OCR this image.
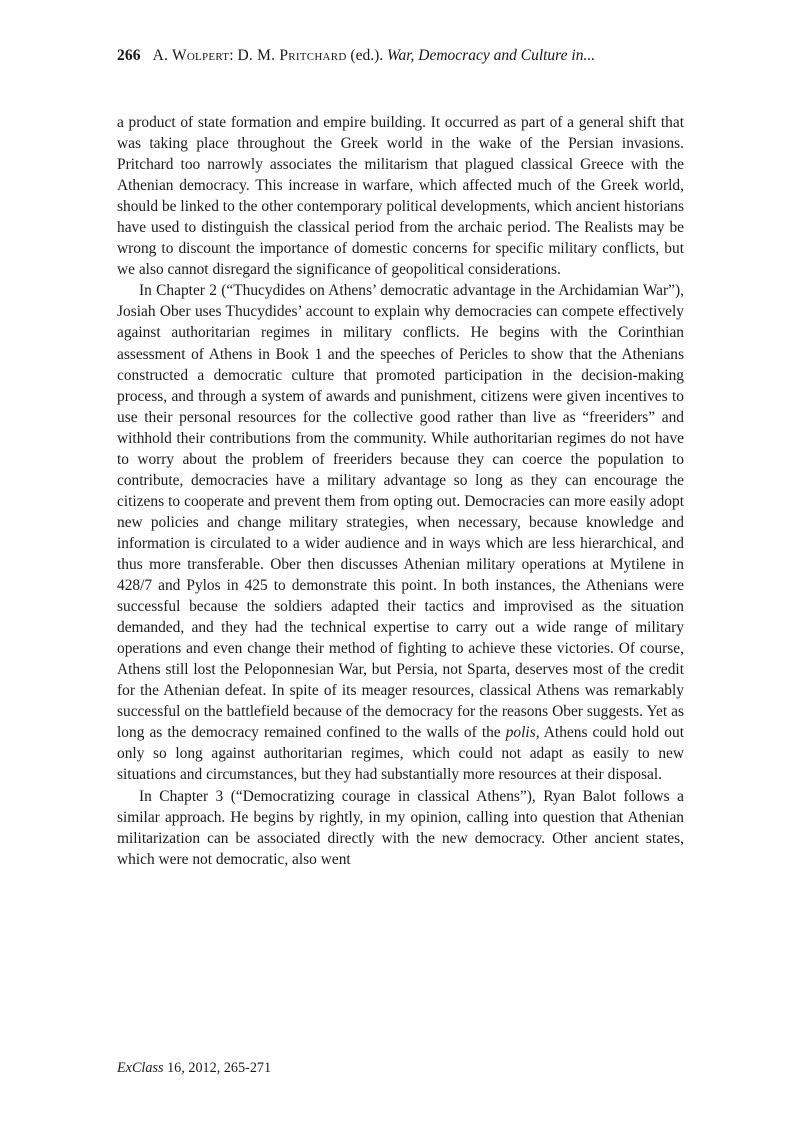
266 A. Wolpert: D. M. Pritchard (ed.). War, Democracy and Culture in...

a product of state formation and empire building. It occurred as part of a general shift that was taking place throughout the Greek world in the wake of the Persian invasions. Pritchard too narrowly associates the militarism that plagued classical Greece with the Athenian democracy. This increase in warfare, which affected much of the Greek world, should be linked to the other contemporary political developments, which ancient historians have used to distinguish the classical period from the archaic period. The Realists may be wrong to discount the importance of domestic concerns for specific military conflicts, but we also cannot disregard the significance of geopolitical considerations.

In Chapter 2 (“Thucydides on Athens’ democratic advantage in the Archidamian War”), Josiah Ober uses Thucydides’ account to explain why democracies can compete effectively against authoritarian regimes in military conflicts. He begins with the Corinthian assessment of Athens in Book 1 and the speeches of Pericles to show that the Athenians constructed a democratic culture that promoted participation in the decision-making process, and through a system of awards and punishment, citizens were given incentives to use their personal resources for the collective good rather than live as “freeriders” and withhold their contributions from the community. While authoritarian regimes do not have to worry about the problem of freeriders because they can coerce the population to contribute, democracies have a military advantage so long as they can encourage the citizens to cooperate and prevent them from opting out. Democracies can more easily adopt new policies and change military strategies, when necessary, because knowledge and information is circulated to a wider audience and in ways which are less hierarchical, and thus more transferable. Ober then discusses Athenian military operations at Mytilene in 428/7 and Pylos in 425 to demonstrate this point. In both instances, the Athenians were successful because the soldiers adapted their tactics and improvised as the situation demanded, and they had the technical expertise to carry out a wide range of military operations and even change their method of fighting to achieve these victories. Of course, Athens still lost the Peloponnesian War, but Persia, not Sparta, deserves most of the credit for the Athenian defeat. In spite of its meager resources, classical Athens was remarkably successful on the battlefield because of the democracy for the reasons Ober suggests. Yet as long as the democracy remained confined to the walls of the polis, Athens could hold out only so long against authoritarian regimes, which could not adapt as easily to new situations and circumstances, but they had substantially more resources at their disposal.

In Chapter 3 (“Democratizing courage in classical Athens”), Ryan Balot follows a similar approach. He begins by rightly, in my opinion, calling into question that Athenian militarization can be associated directly with the new democracy. Other ancient states, which were not democratic, also went

ExClass 16, 2012, 265-271
